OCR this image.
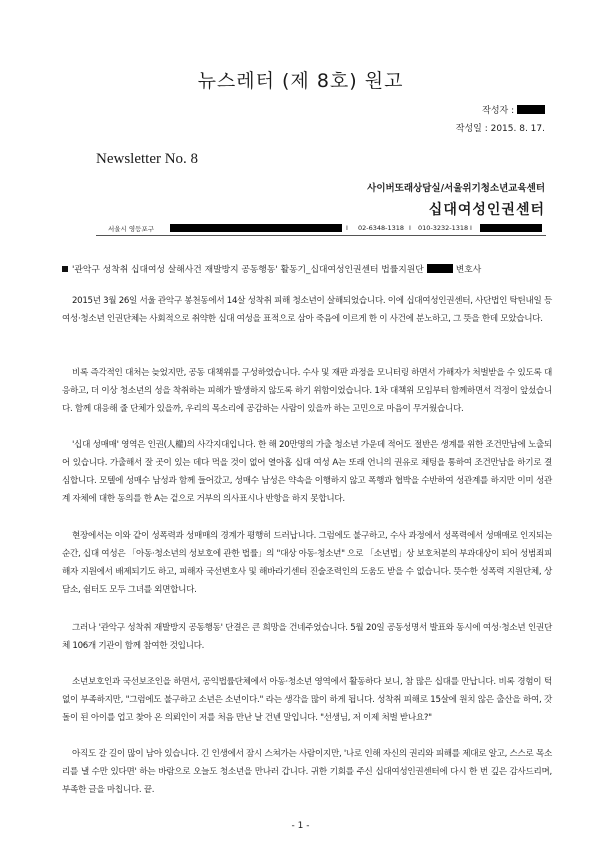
뉴스레터 (제 8호) 원고
작성자 :
작성일 : 2015. 8. 17.
Newsletter No. 8
사이버또래상담실/서울위기청소년교육센터
십대여성인권센터
서울시 영등포구	I 02-6348-1318 I 010-3232-1318 I
'관악구 성착취 십대여성 살해사건 재발방지 공동행동' 활동기_십대여성인권센터 법률지원단	변호사

2015년 3월 26일 서울 관악구 봉천동에서 14살 성착취 피해 청소년이 살해되었습니다. 이에 십대여성인권센터, 사단법인 탁틴내일 등 여성·청소년 인권단체는 사회적으로 취약한 십대 여성을 표적으로 삼아 죽음에 이르게 한 이 사건에 분노하고, 그 뜻을 한데 모았습니다.

비록 즉각적인 대처는 늦었지만, 공동 대책위를 구성하였습니다. 수사 및 재판 과정을 모니터링 하면서 가해자가 처벌받을 수 있도록 대응하고, 더 이상 청소년의 성을 착취하는 피해가 발생하지 않도록 하기 위함이었습니다. 1차 대책위 모임부터 함께하면서 걱정이 앞섰습니다. 함께 대응해 줄 단체가 있을까, 우리의 목소리에 공감하는 사람이 있을까 하는 고민으로 마음이 무거웠습니다.

'십대 성매매' 영역은 인권(人權)의 사각지대입니다. 한 해 20만명의 가출 청소년 가운데 적어도 절반은 생계를 위한 조건만남에 노출되어 있습니다. 가출해서 잘 곳이 있는 데다 먹을 것이 없어 열아홉 십대 여성 A는 또래 언니의 권유로 채팅을 통하여 조건만남을 하기로 결심합니다. 모텔에 성매수 남성과 함께 들어갔고, 성매수 남성은 약속을 이행하지 않고 폭행과 협박을 수반하여 성관계를 하지만 이미 성관계 자체에 대한 동의를 한 A는 겉으로 거부의 의사표시나 반항을 하지 못합니다.

현장에서는 이와 같이 성폭력과 성매매의 경계가 평행히 드러납니다. 그럼에도 불구하고, 수사 과정에서 성폭력에서 성매매로 인지되는 순간, 십대 여성은 「아동·청소년의 성보호에 관한 법률」의 "대상 아동·청소년" 으로 「소년법」상 보호처분의 부과대상이 되어 성범죄피해자 지원에서 배제되기도 하고, 피해자 국선변호사 및 해바라기센터 진술조력인의 도움도 받을 수 없습니다. 뜻수한 성폭력 지원단체, 상담소, 쉼터도 모두 그녀를 외면합니다.

그러나 '관악구 성착취 재발방지 공동행동' 단결은 큰 희망을 건네주었습니다. 5월 20일 공동성명서 발표와 동시에 여성·청소년 인권단체 106개 기관이 함께 참여한 것입니다.

소년보호인과 국선보조인을 하면서, 공익법률단체에서 아동·청소년 영역에서 활동하다 보니, 참 많은 십대를 만납니다. 비록 경험이 턱없이 부족하지만, "그럼에도 불구하고 소년은 소년이다." 라는 생각을 많이 하게 됩니다. 성착취 피해로 15살에 원치 않은 출산을 하여, 갓 돌이 된 아이를 업고 찾아 온 의뢰인이 저를 처음 만난 날 건넨 말입니다. "선생님, 저 이제 처벌 받나요?"

아직도 갈 길이 많이 남아 있습니다. 긴 인생에서 잠시 스쳐가는 사람이지만, '나로 인해 자신의 권리와 피해를 제대로 알고, 스스로 목소리를 낼 수만 있다면' 하는 바람으로 오늘도 청소년을 만나러 갑니다. 귀한 기회를 주신 십대여성인권센터에 다시 한 번 깊은 감사드리며, 부족한 글을 마칩니다. 끝.

- 1 -
